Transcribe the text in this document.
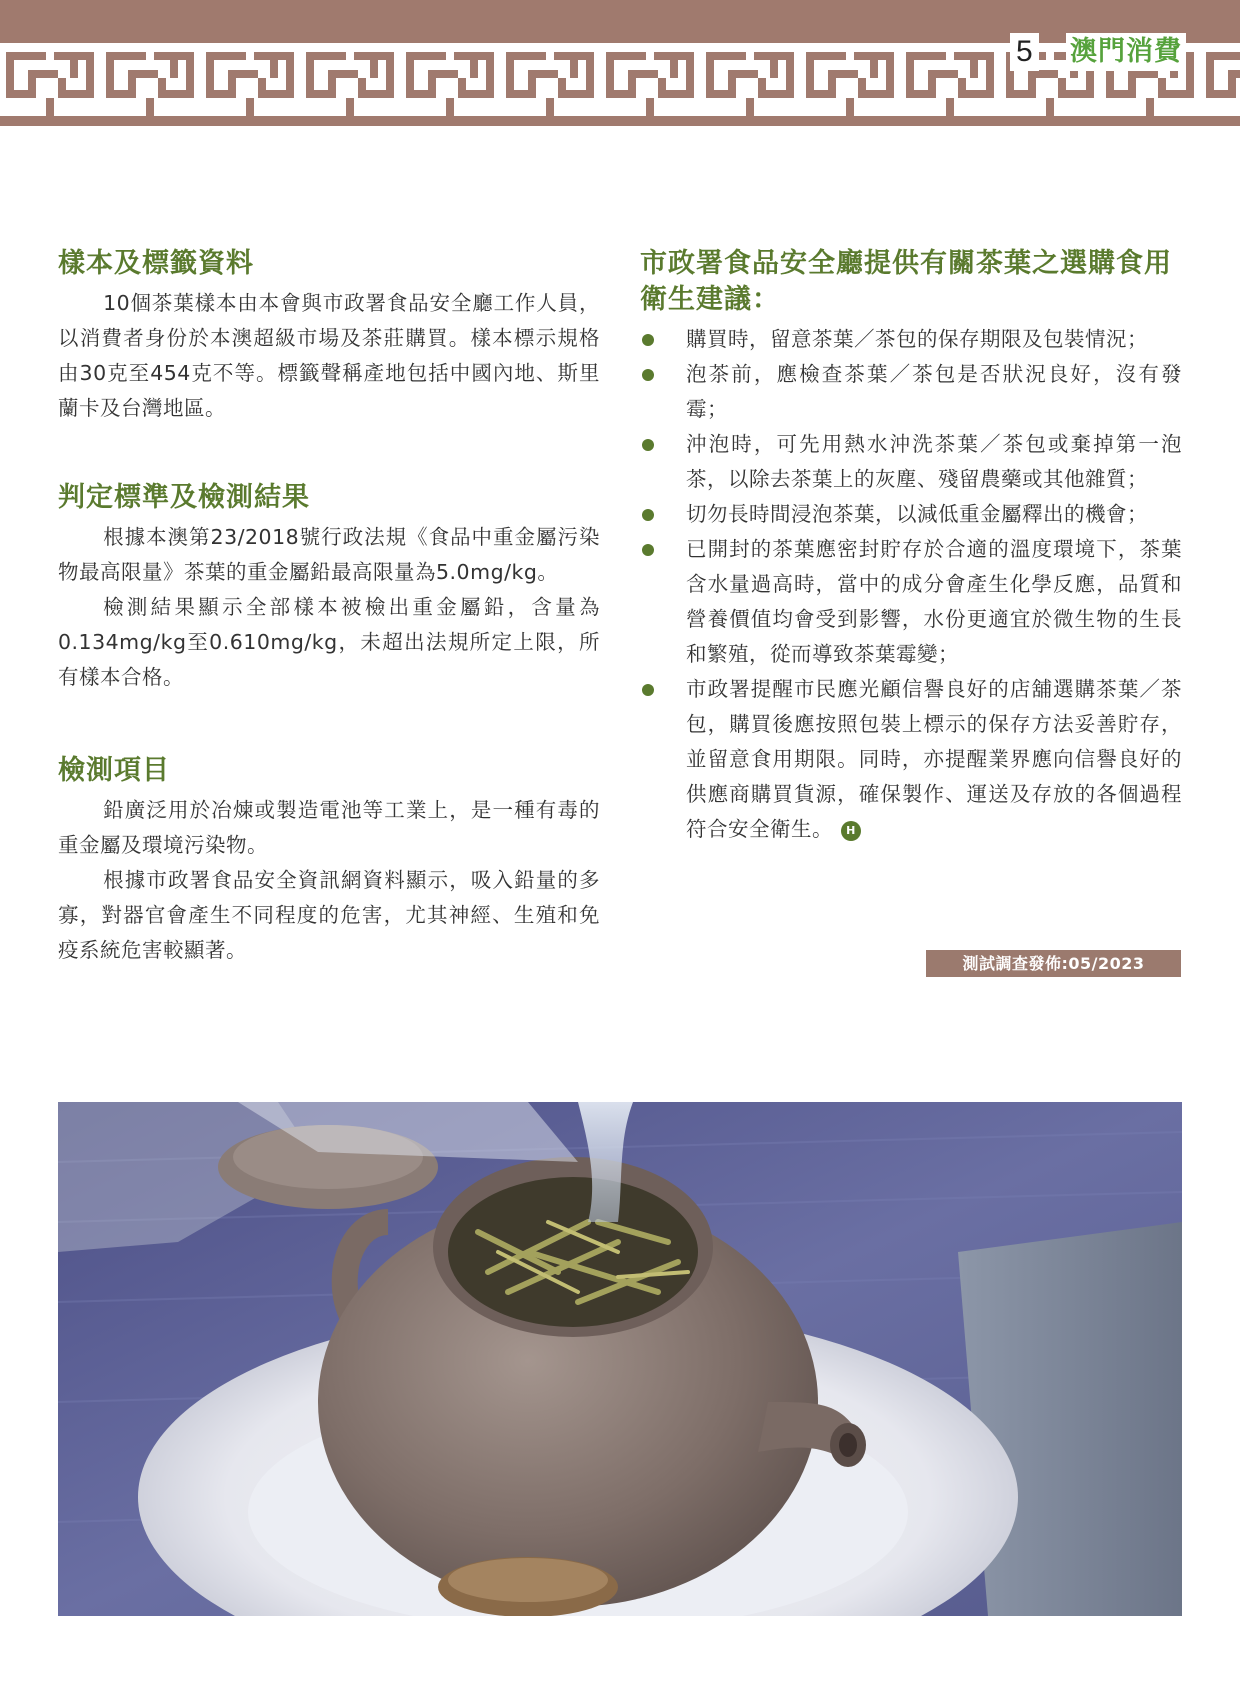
5 澳門消費
樣本及標籤資料

10個茶葉樣本由本會與市政署食品安全廳工作人員，以消費者身份於本澳超級市場及茶莊購買。樣本標示規格由30克至454克不等。標籤聲稱產地包括中國內地、斯里蘭卡及台灣地區。

判定標準及檢測結果

根據本澳第23/2018號行政法規《食品中重金屬污染物最高限量》茶葉的重金屬鉛最高限量為5.0mg/kg。

檢測結果顯示全部樣本被檢出重金屬鉛，含量為0.134mg/kg至0.610mg/kg，未超出法規所定上限，所有樣本合格。

檢測項目

鉛廣泛用於冶煉或製造電池等工業上，是一種有毒的重金屬及環境污染物。

根據市政署食品安全資訊網資料顯示，吸入鉛量的多寡，對器官會產生不同程度的危害，尤其神經、生殖和免疫系統危害較顯著。

市政署食品安全廳提供有關茶葉之選購食用衛生建議：
購買時，留意茶葉／茶包的保存期限及包裝情況；
泡茶前，應檢查茶葉／茶包是否狀況良好，沒有發霉；
沖泡時，可先用熱水沖洗茶葉／茶包或棄掉第一泡茶，以除去茶葉上的灰塵、殘留農藥或其他雜質；
切勿長時間浸泡茶葉，以減低重金屬釋出的機會；
已開封的茶葉應密封貯存於合適的溫度環境下，茶葉含水量過高時，當中的成分會產生化學反應，品質和營養價值均會受到影響，水份更適宜於微生物的生長和繁殖，從而導致茶葉霉變；
市政署提醒市民應光顧信譽良好的店舖選購茶葉／茶包，購買後應按照包裝上標示的保存方法妥善貯存，並留意食用期限。同時，亦提醒業界應向信譽良好的供應商購買貨源，確保製作、運送及存放的各個過程符合安全衛生。 H
測試調查發佈:05/2023
